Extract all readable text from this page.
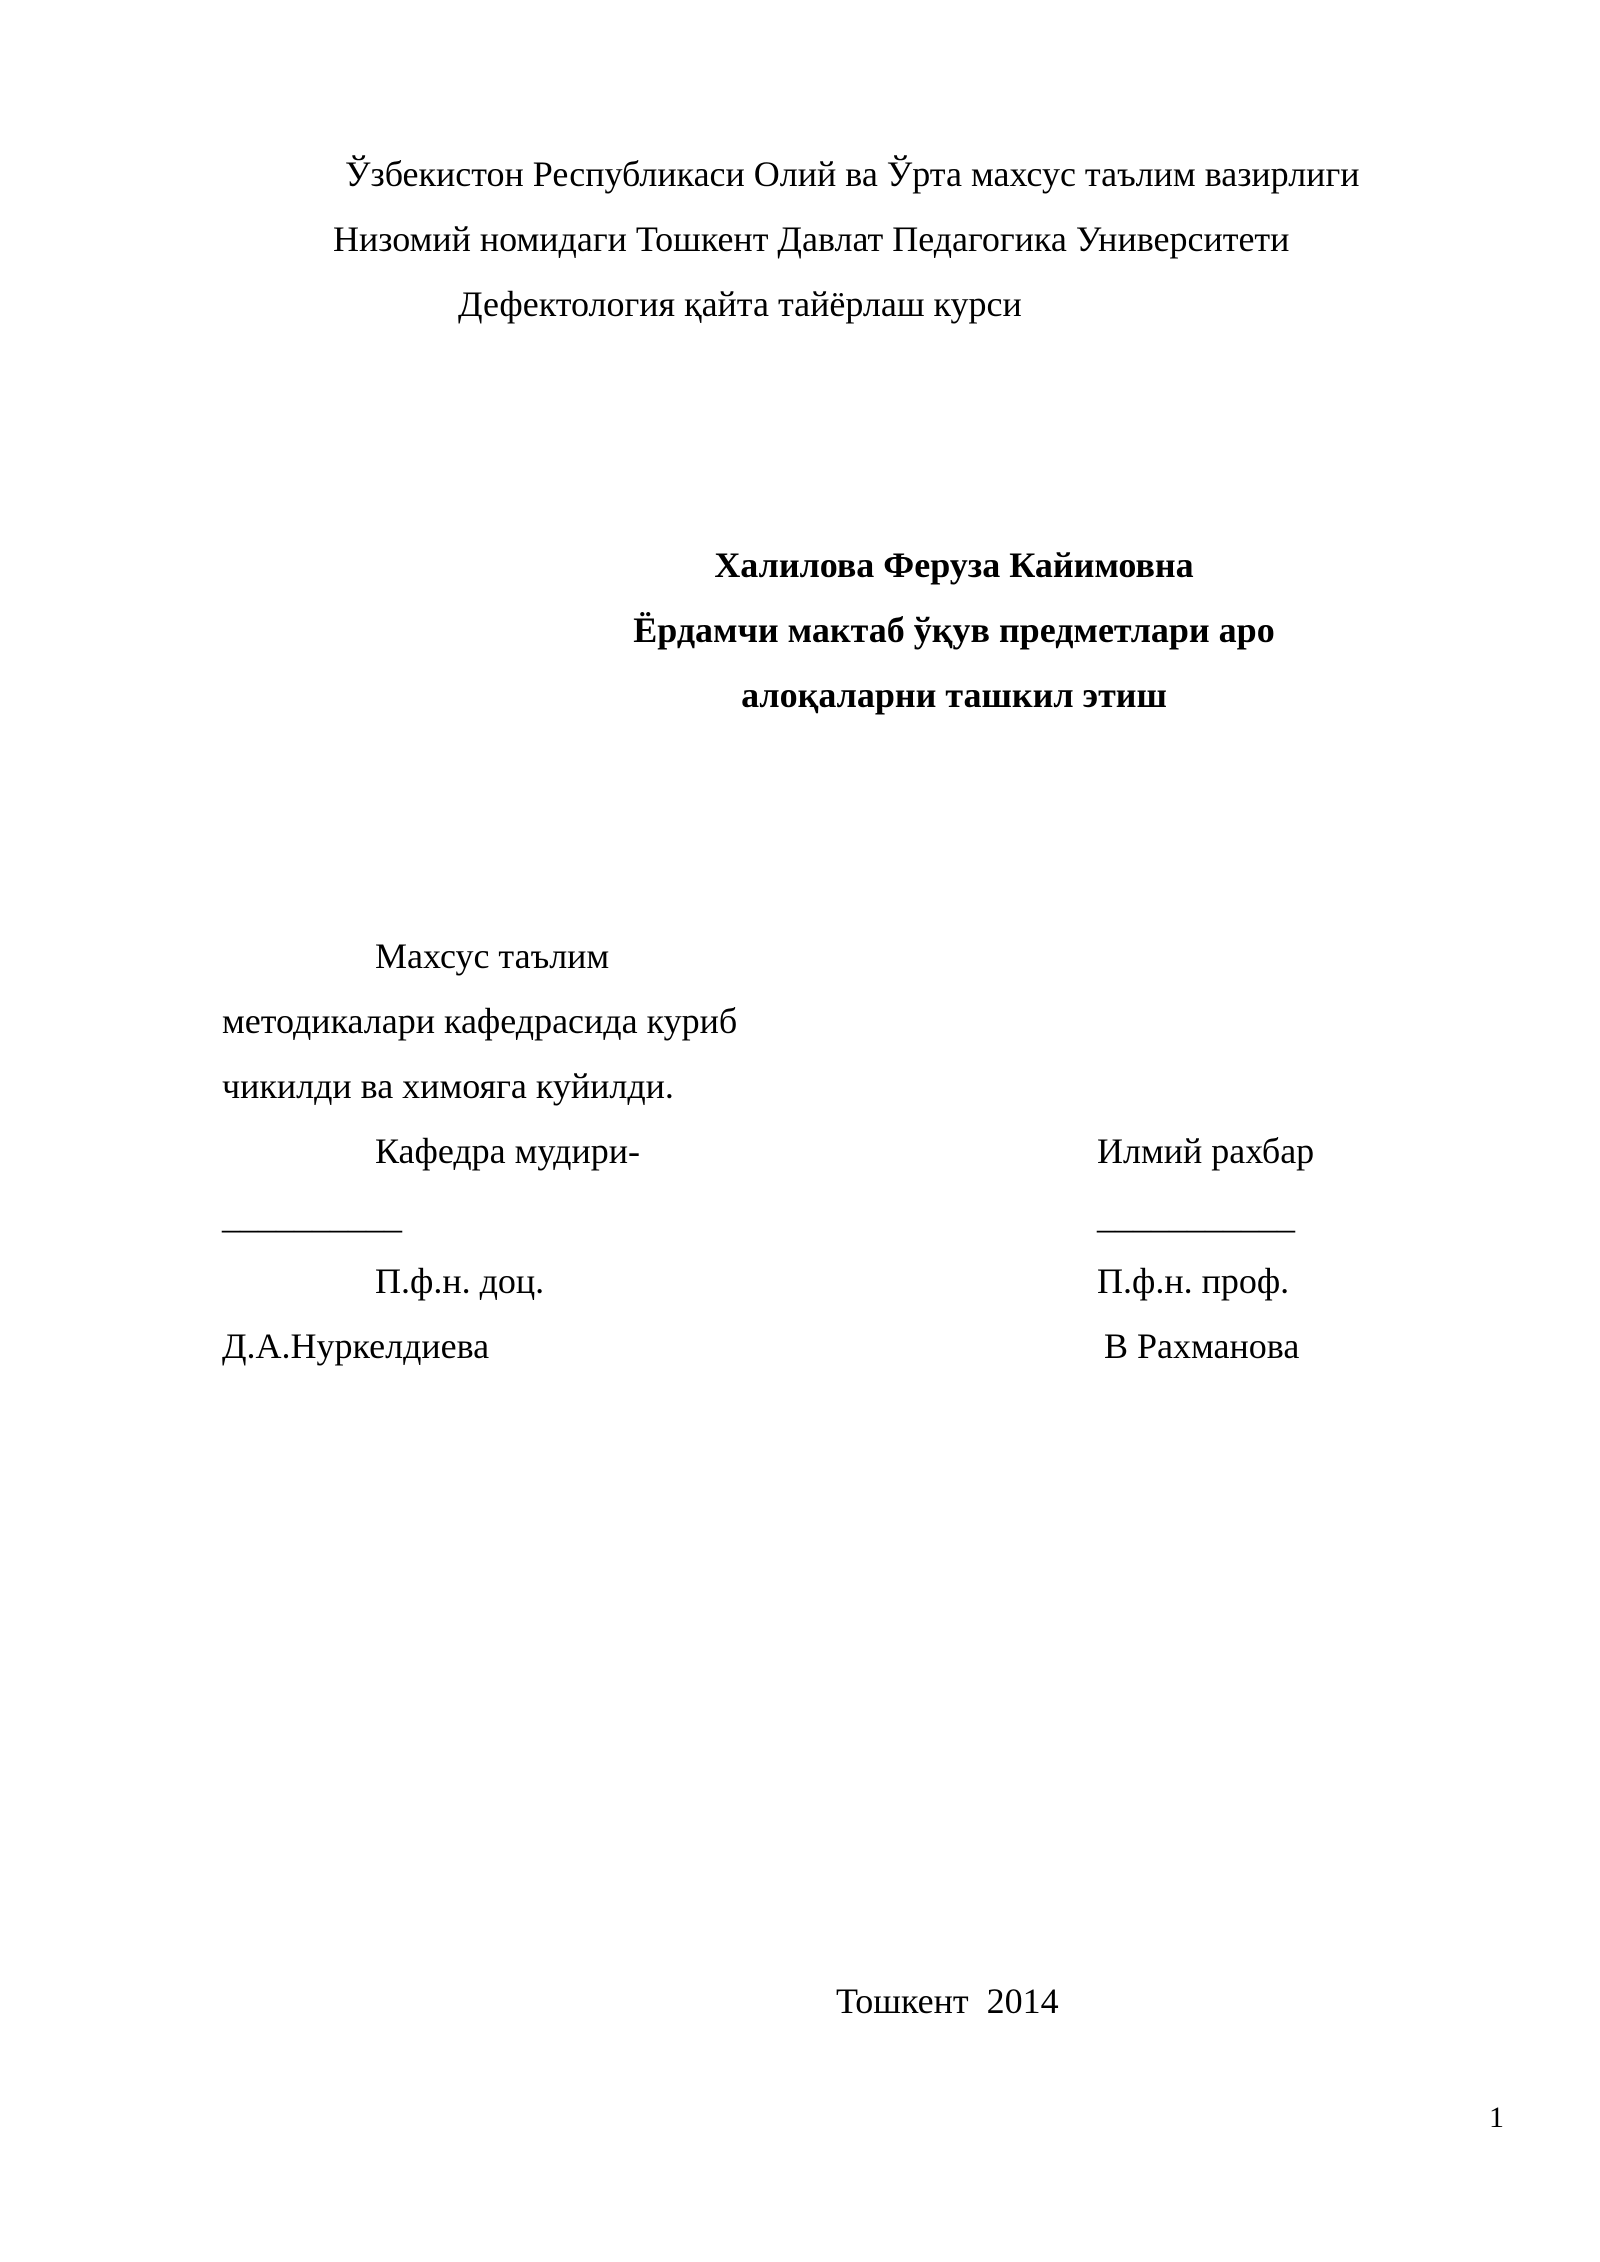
Ўзбекистон Республикаси Олий ва Ўрта махсус таълим вазирлиги
Низомий номидаги Тошкент Давлат Педагогика Университети
Дефектология қайта тайёрлаш курси
Халилова Феруза Кайимовна
Ёрдамчи мактаб ўқув предметлари аро
алоқаларни ташкил этиш
Махсус таълим
методикалари кафедрасида куриб
чикилди ва химояга куйилди.
Кафедра мудири-	Илмий рахбар
__________	___________
П.ф.н. доц.	П.ф.н. проф.
Д.А.Нуркелдиева	В Рахманова
Тошкент  2014
1
